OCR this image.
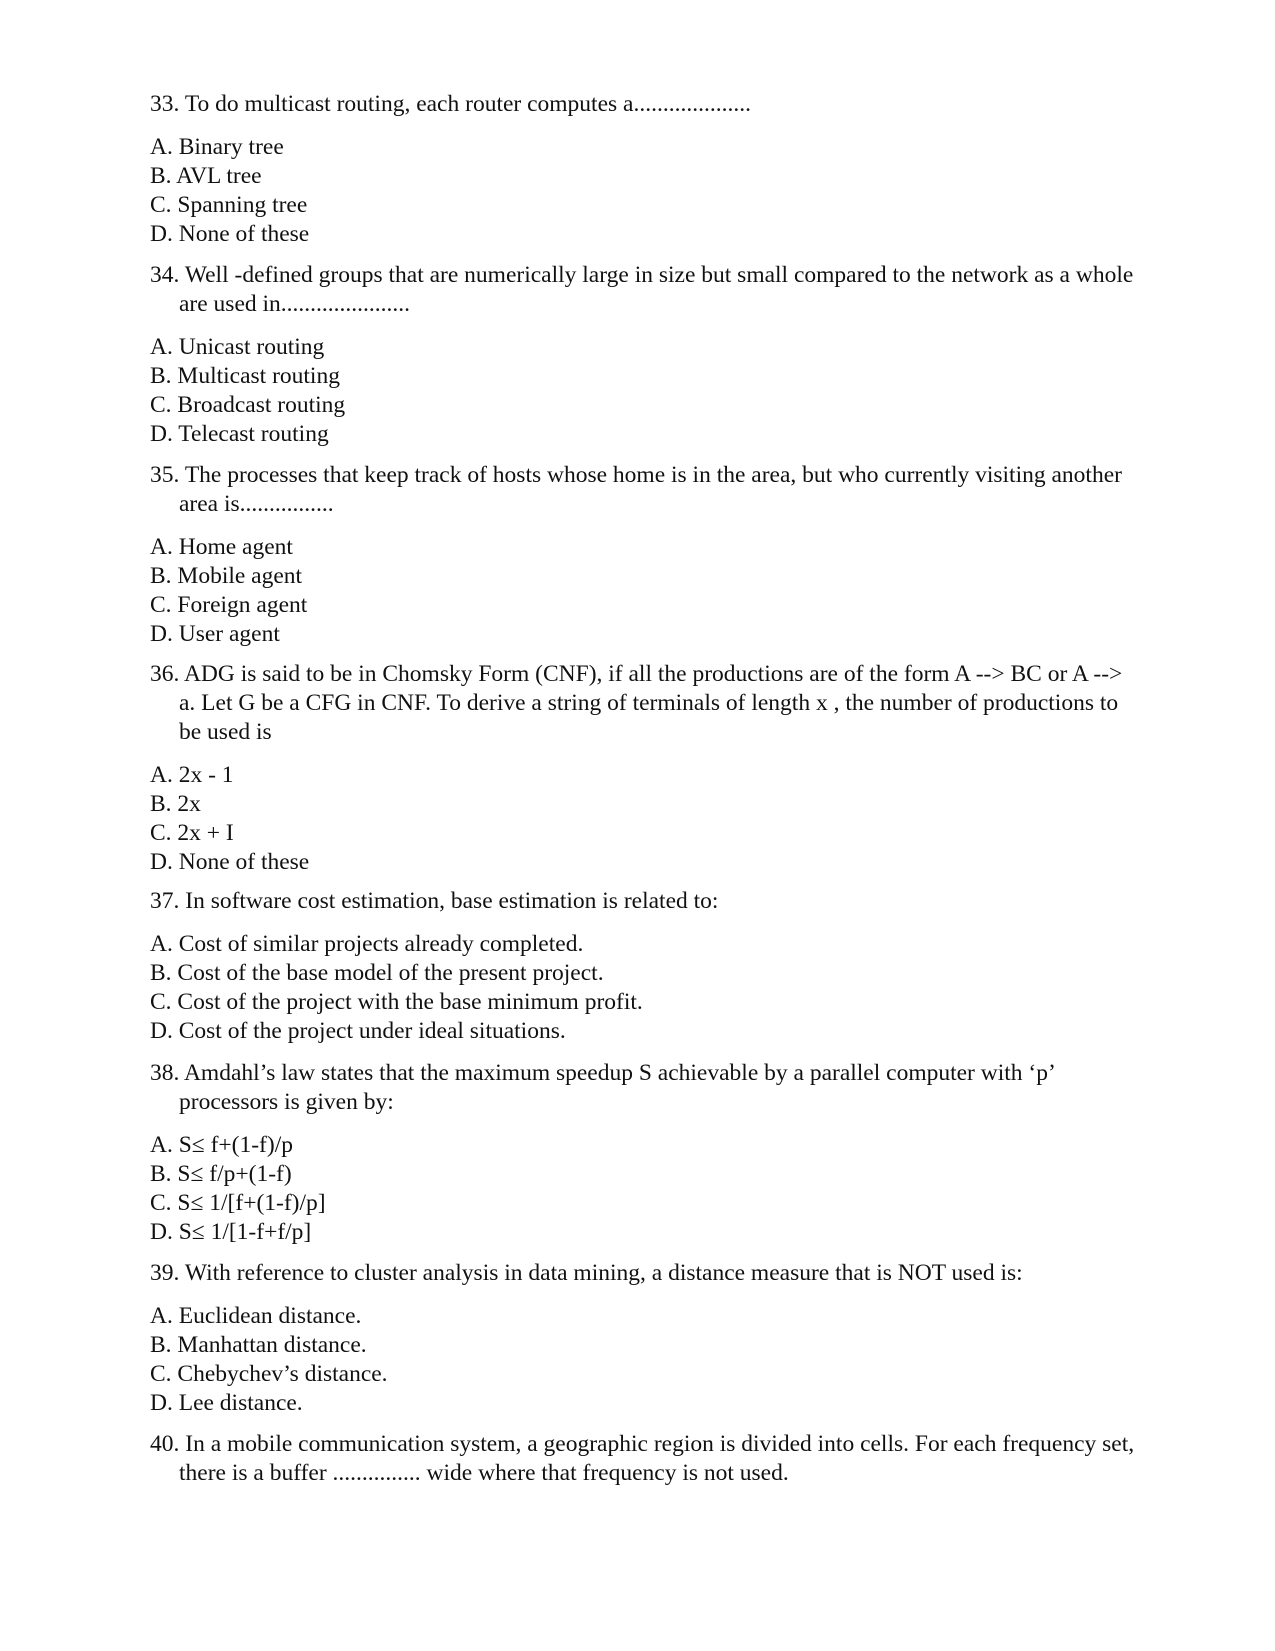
33. To do multicast routing, each router computes a....................

A. Binary tree
B. AVL tree
C. Spanning tree
D. None of these

34. Well -defined groups that are numerically large in size but small compared to the network as a whole are used in......................

A. Unicast routing
B. Multicast routing
C. Broadcast routing
D. Telecast routing

35. The processes that keep track of hosts whose home is in the area, but who currently visiting another area is................

A. Home agent
B. Mobile agent
C. Foreign agent
D. User agent

36. ADG is said to be in Chomsky Form (CNF), if all the productions are of the form A --> BC or A --> a. Let G be a CFG in CNF. To derive a string of terminals of length x , the number of productions to be used is

A. 2x - 1
B. 2x
C. 2x + I
D. None of these

37. In software cost estimation, base estimation is related to:

A. Cost of similar projects already completed.
B. Cost of the base model of the present project.
C. Cost of the project with the base minimum profit.
D. Cost of the project under ideal situations.

38. Amdahl’s law states that the maximum speedup S achievable by a parallel computer with ‘p’ processors is given by:

A. S≤ f+(1-f)/p
B. S≤ f/p+(1-f)
C. S≤ 1/[f+(1-f)/p]
D. S≤ 1/[1-f+f/p]

39. With reference to cluster analysis in data mining, a distance measure that is NOT used is:

A. Euclidean distance.
B. Manhattan distance.
C. Chebychev’s distance.
D. Lee distance.

40. In a mobile communication system, a geographic region is divided into cells. For each frequency set, there is a buffer ............... wide where that frequency is not used.
